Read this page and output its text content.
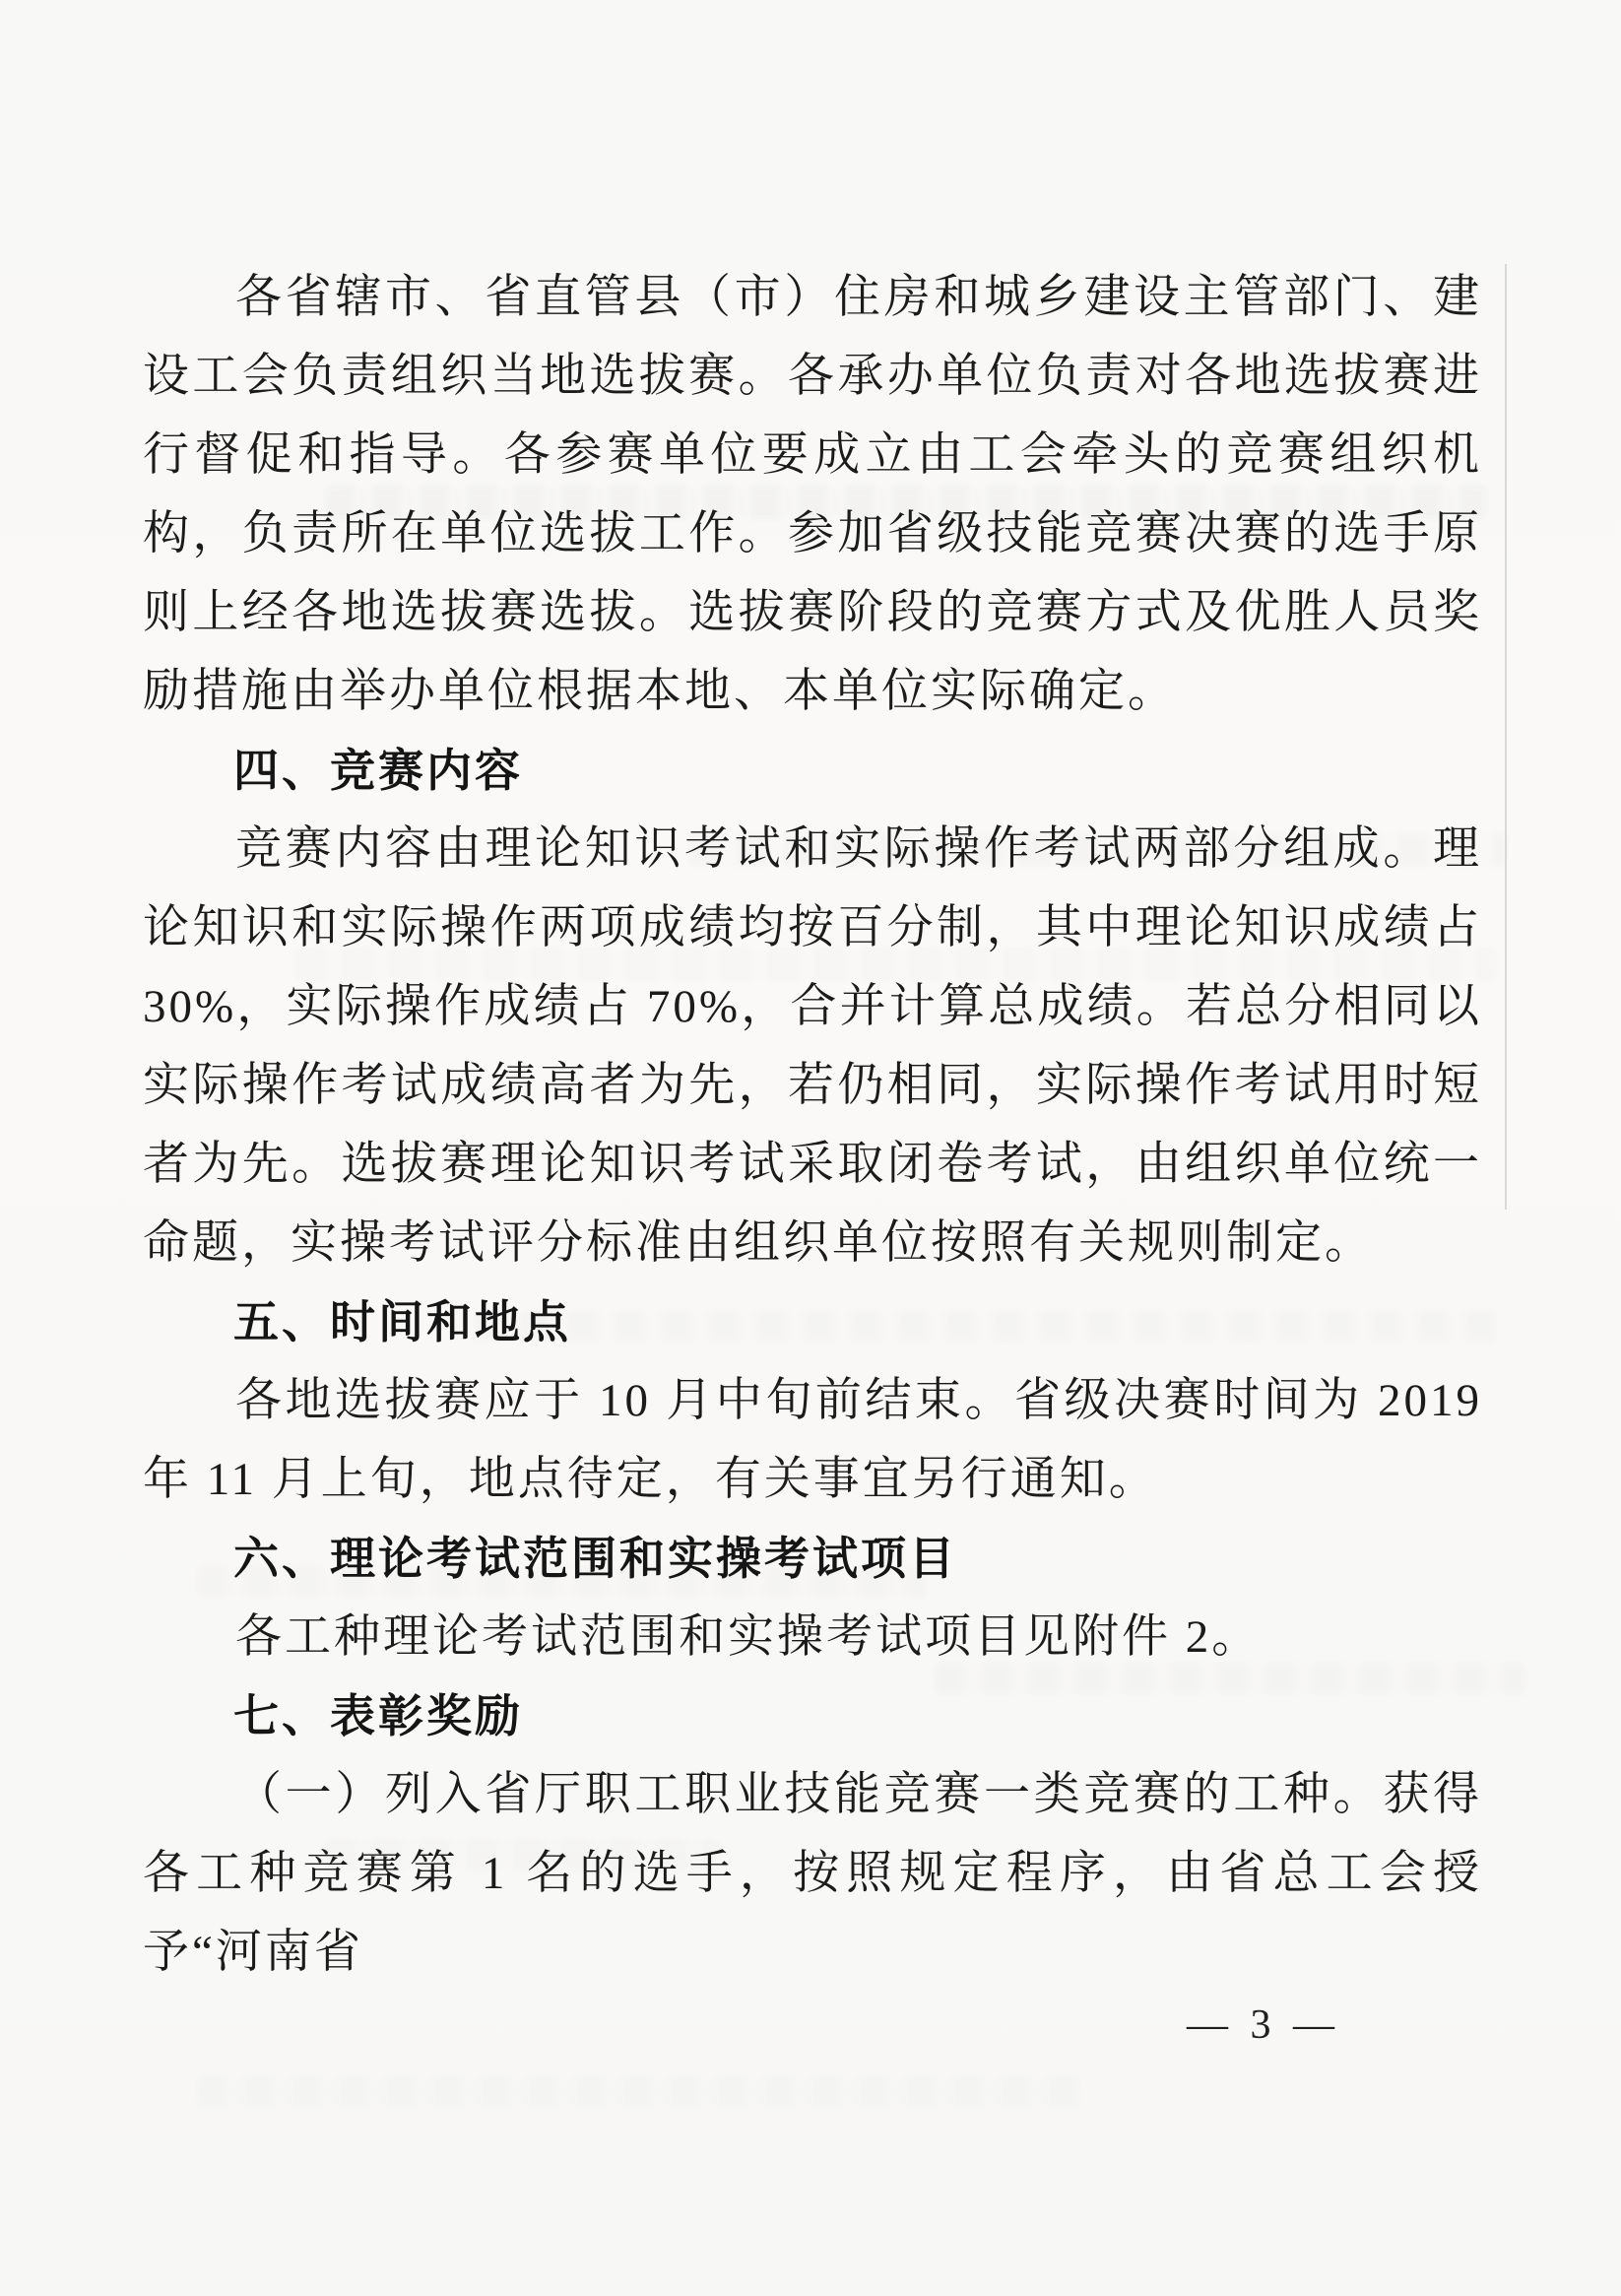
各省辖市、省直管县（市）住房和城乡建设主管部门、建设工会负责组织当地选拔赛。各承办单位负责对各地选拔赛进行督促和指导。各参赛单位要成立由工会牵头的竞赛组织机构，负责所在单位选拔工作。参加省级技能竞赛决赛的选手原则上经各地选拔赛选拔。选拔赛阶段的竞赛方式及优胜人员奖励措施由举办单位根据本地、本单位实际确定。

四、竞赛内容

竞赛内容由理论知识考试和实际操作考试两部分组成。理论知识和实际操作两项成绩均按百分制，其中理论知识成绩占 30%，实际操作成绩占 70%，合并计算总成绩。若总分相同以实际操作考试成绩高者为先，若仍相同，实际操作考试用时短者为先。选拔赛理论知识考试采取闭卷考试，由组织单位统一命题，实操考试评分标准由组织单位按照有关规则制定。

五、时间和地点

各地选拔赛应于 10 月中旬前结束。省级决赛时间为 2019 年 11 月上旬，地点待定，有关事宜另行通知。

六、理论考试范围和实操考试项目

各工种理论考试范围和实操考试项目见附件 2。

七、表彰奖励

（一）列入省厅职工职业技能竞赛一类竞赛的工种。获得各工种竞赛第 1 名的选手，按照规定程序，由省总工会授予“河南省

— 3 —
